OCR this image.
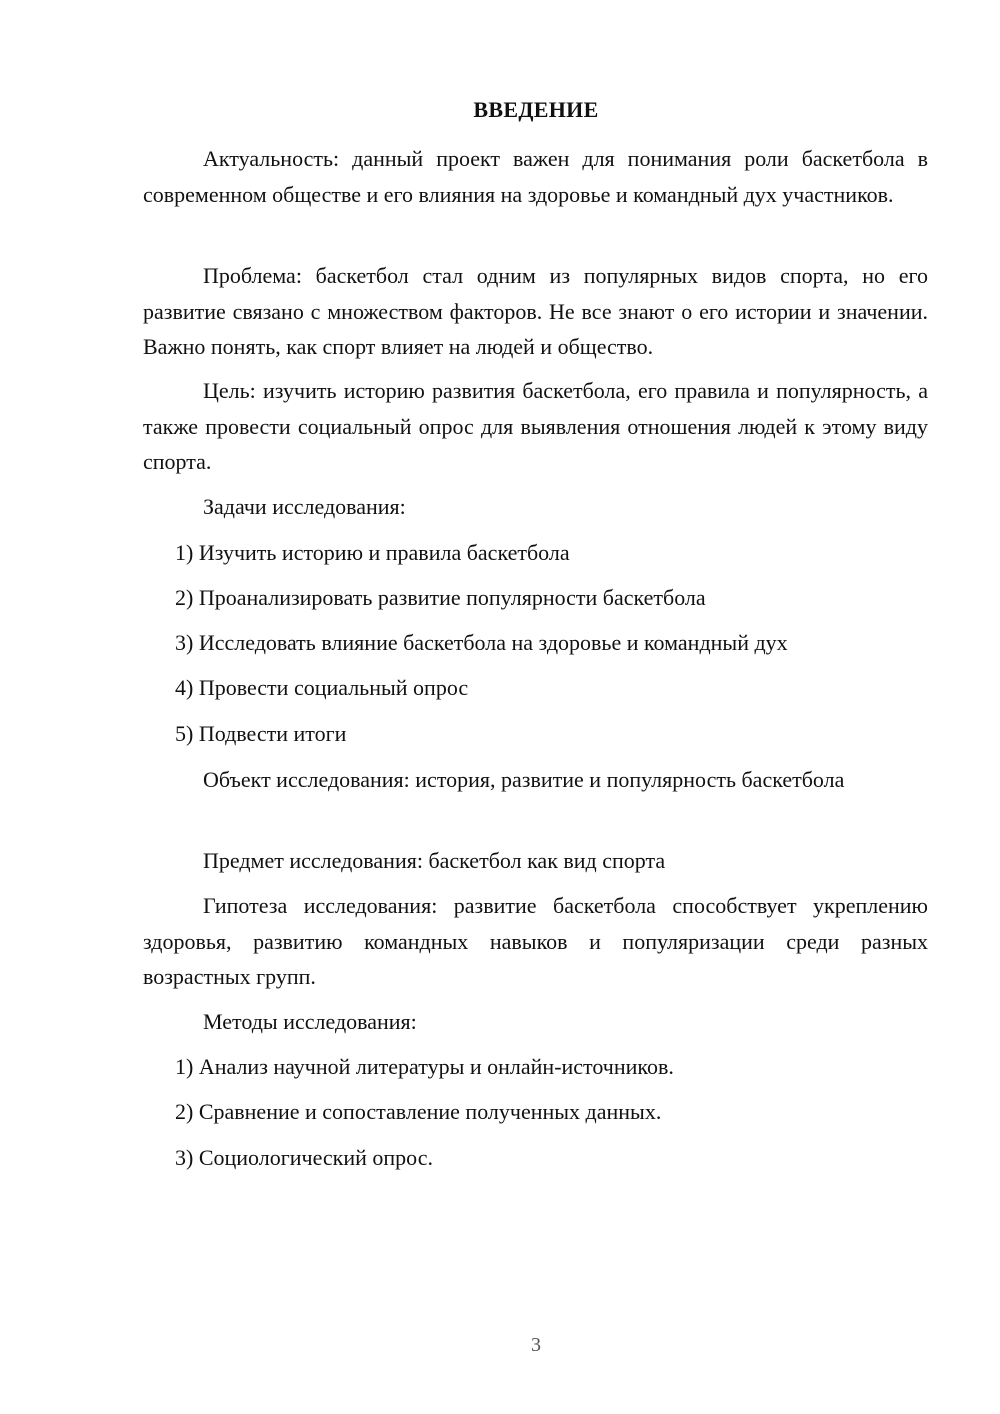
ВВЕДЕНИЕ
Актуальность: данный проект важен для понимания роли баскетбола в современном обществе и его влияния на здоровье и командный дух участников.
Проблема: баскетбол стал одним из популярных видов спорта, но его развитие связано с множеством факторов. Не все знают о его истории и значении. Важно понять, как спорт влияет на людей и общество.
Цель: изучить историю развития баскетбола, его правила и популярность, а также провести социальный опрос для выявления отношения людей к этому виду спорта.
Задачи исследования:
1) Изучить историю и правила баскетбола
2) Проанализировать развитие популярности баскетбола
3) Исследовать влияние баскетбола на здоровье и командный дух
4) Провести социальный опрос
5) Подвести итоги
Объект исследования: история, развитие и популярность баскетбола
Предмет исследования: баскетбол как вид спорта
Гипотеза исследования: развитие баскетбола способствует укреплению здоровья, развитию командных навыков и популяризации среди разных возрастных групп.
Методы исследования:
1) Анализ научной литературы и онлайн-источников.
2) Сравнение и сопоставление полученных данных.
3) Социологический опрос.
3
